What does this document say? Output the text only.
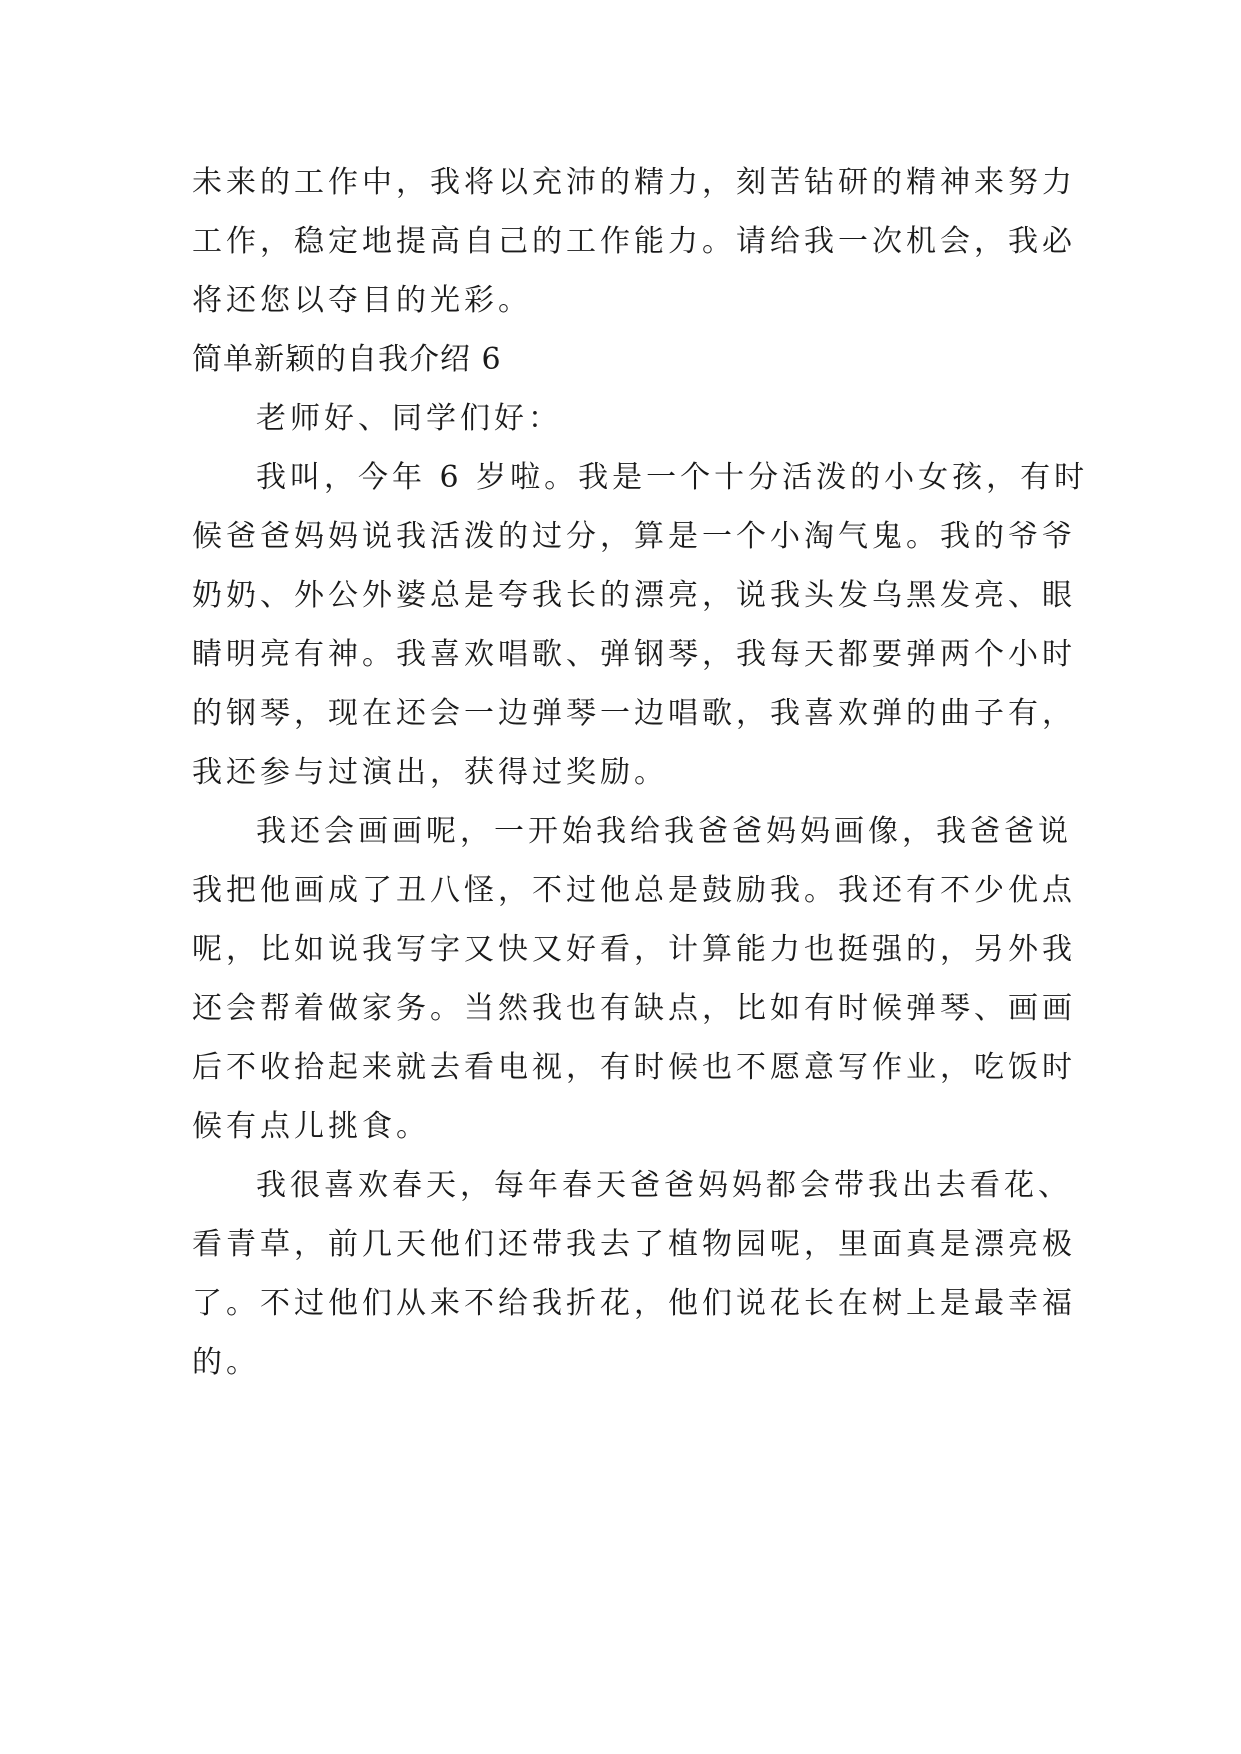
未来的工作中，我将以充沛的精力，刻苦钻研的精神来努力
工作，稳定地提高自己的工作能力。请给我一次机会，我必
将还您以夺目的光彩。
简单新颖的自我介绍 6
老师好、同学们好：
我叫，今年 6 岁啦。我是一个十分活泼的小女孩，有时
候爸爸妈妈说我活泼的过分，算是一个小淘气鬼。我的爷爷
奶奶、外公外婆总是夸我长的漂亮，说我头发乌黑发亮、眼
睛明亮有神。我喜欢唱歌、弹钢琴，我每天都要弹两个小时
的钢琴，现在还会一边弹琴一边唱歌，我喜欢弹的曲子有，
我还参与过演出，获得过奖励。
我还会画画呢，一开始我给我爸爸妈妈画像，我爸爸说
我把他画成了丑八怪，不过他总是鼓励我。我还有不少优点
呢，比如说我写字又快又好看，计算能力也挺强的，另外我
还会帮着做家务。当然我也有缺点，比如有时候弹琴、画画
后不收拾起来就去看电视，有时候也不愿意写作业，吃饭时
候有点儿挑食。
我很喜欢春天，每年春天爸爸妈妈都会带我出去看花、
看青草，前几天他们还带我去了植物园呢，里面真是漂亮极
了。不过他们从来不给我折花，他们说花长在树上是最幸福
的。
